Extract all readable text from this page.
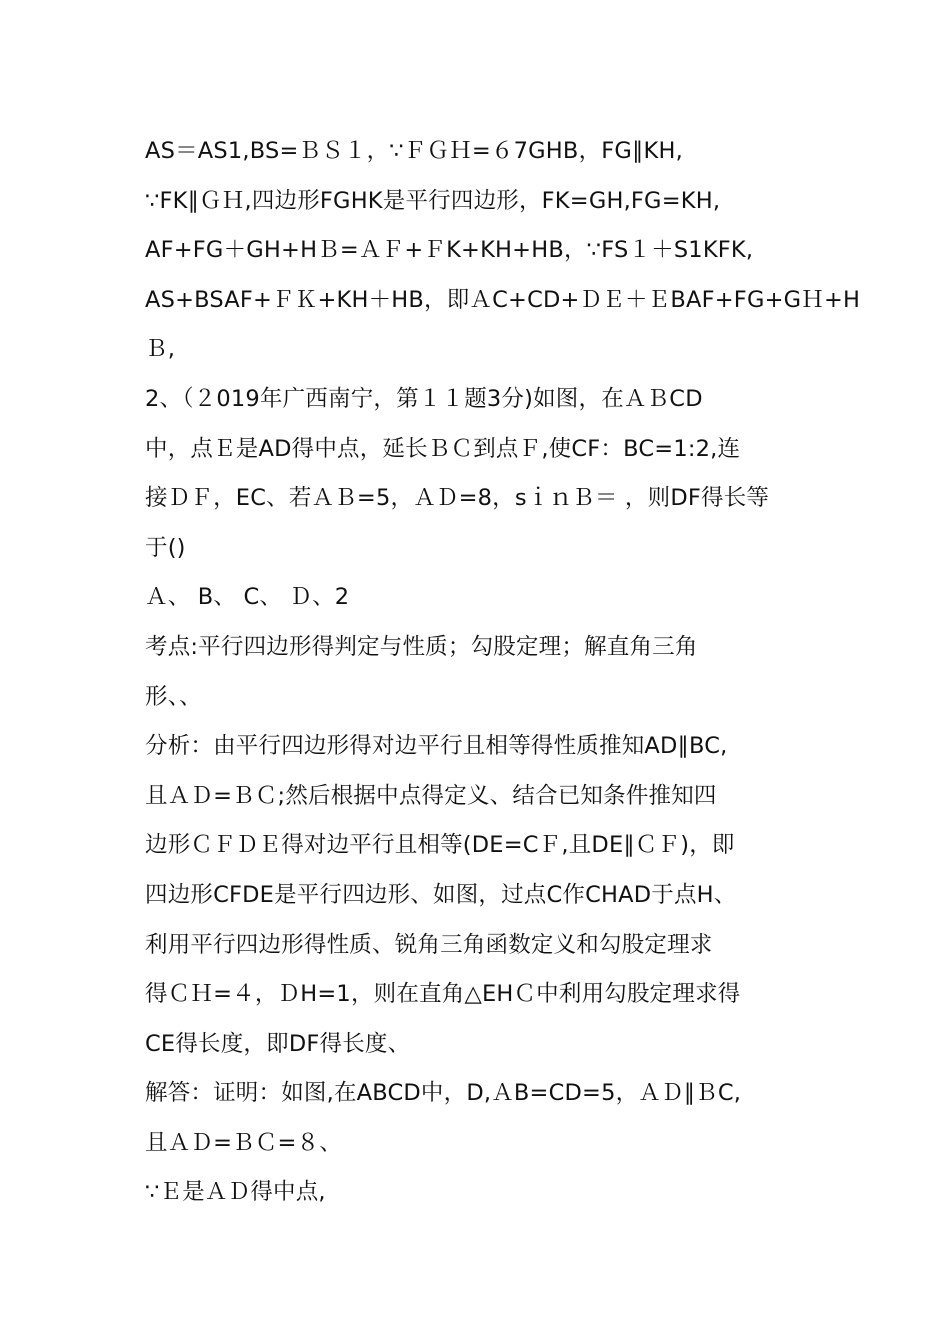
AS＝AS1,BS=ＢＳ１，∵ＦＧＨ=６7GHB，FG∥KH,
∵FK∥ＧＨ,四边形FGHK是平行四边形，FK=GH,FG=KH,
AF+FG＋GH+HＢ=ＡＦ+ＦK+KH+HB，∵FS１＋S1KFK,
AS+BSAF+ＦＫ+KH＋HB，即ＡC+CD+ＤＥ＋ＥBAF+FG+GＨ+H
Ｂ,
2、（２019年广西南宁，第１１题3分)如图，在ＡＢCD
中，点Ｅ是AD得中点，延长ＢＣ到点Ｆ,使CF：BC=1:2,连
接ＤＦ，EC、若ＡＢ=5，ＡＤ=8，sｉｎＢ＝ ，则DF得长等
于()
Ａ、 B、 C、 Ｄ、2
考点:平行四边形得判定与性质；勾股定理；解直角三角
形、、
分析：由平行四边形得对边平行且相等得性质推知AD∥BC,
且ＡＤ=ＢＣ;然后根据中点得定义、结合已知条件推知四
边形ＣＦＤＥ得对边平行且相等(DE=CＦ,且DE∥ＣＦ)，即
四边形CFDE是平行四边形、如图，过点C作CHAD于点H、
利用平行四边形得性质、锐角三角函数定义和勾股定理求
得ＣＨ=４，ＤH=1，则在直角△EHＣ中利用勾股定理求得
CE得长度，即DF得长度、
解答：证明：如图,在ABCD中，D,ＡB=CD=5，ＡＤ∥ＢC,
且ＡＤ=ＢＣ=８、
∵Ｅ是ＡＤ得中点,
